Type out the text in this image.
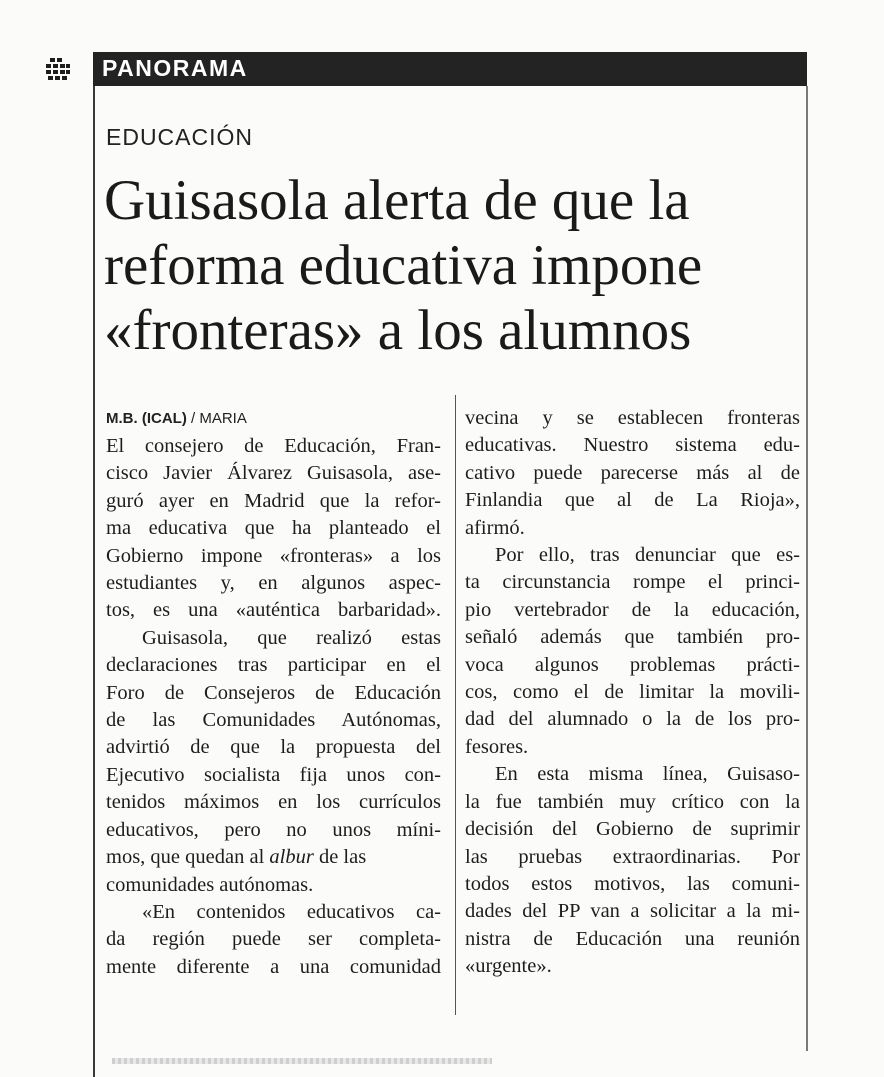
PANORAMA
EDUCACIÓN
Guisasola alerta de que la
reforma educativa impone
«fronteras» a los alumnos
M.B. (ICAL) / MARIA
El consejero de Educación, Fran-
cisco Javier Álvarez Guisasola, ase-
guró ayer en Madrid que la refor-
ma educativa que ha planteado el
Gobierno impone «fronteras» a los
estudiantes y, en algunos aspec-
tos, es una «auténtica barbaridad».
Guisasola, que realizó estas
declaraciones tras participar en el
Foro de Consejeros de Educación
de las Comunidades Autónomas,
advirtió de que la propuesta del
Ejecutivo socialista fija unos con-
tenidos máximos en los currículos
educativos, pero no unos míni-
mos, que quedan al albur de las
comunidades autónomas.
«En contenidos educativos ca-
da región puede ser completa-
mente diferente a una comunidad
vecina y se establecen fronteras
educativas. Nuestro sistema edu-
cativo puede parecerse más al de
Finlandia que al de La Rioja»,
afirmó.
Por ello, tras denunciar que es-
ta circunstancia rompe el princi-
pio vertebrador de la educación,
señaló además que también pro-
voca algunos problemas prácti-
cos, como el de limitar la movili-
dad del alumnado o la de los pro-
fesores.
En esta misma línea, Guisaso-
la fue también muy crítico con la
decisión del Gobierno de suprimir
las pruebas extraordinarias. Por
todos estos motivos, las comuni-
dades del PP van a solicitar a la mi-
nistra de Educación una reunión
«urgente».
